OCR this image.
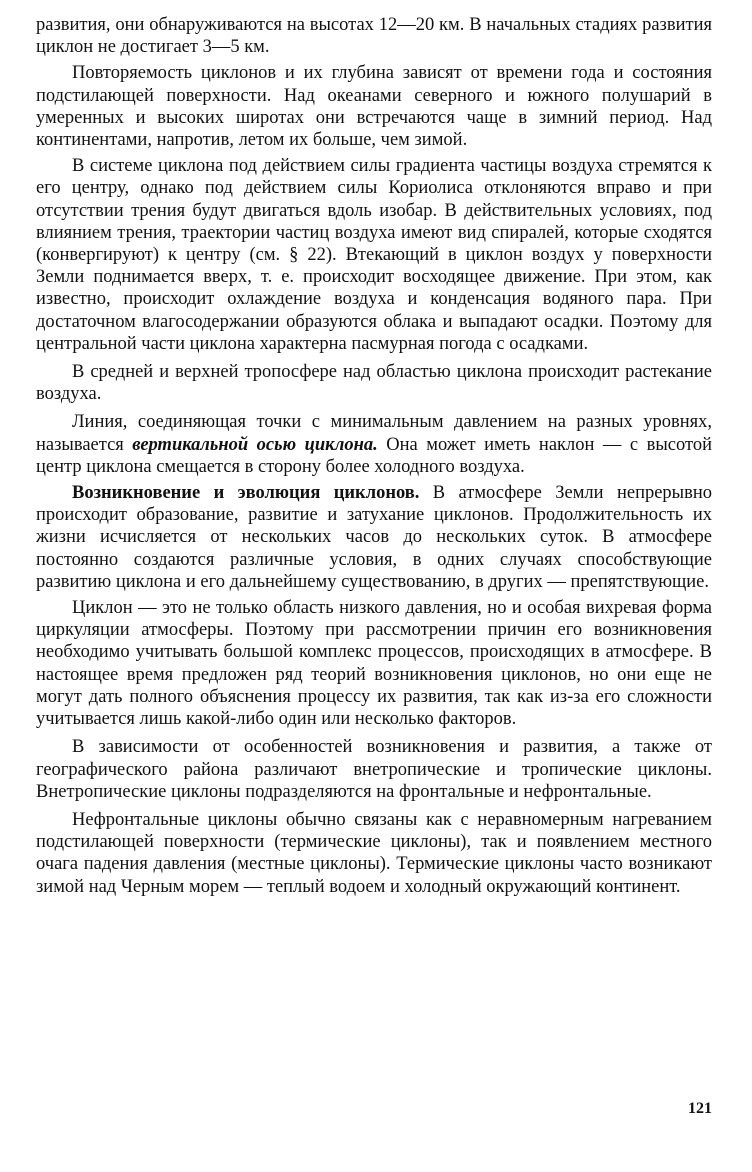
развития, они обнаруживаются на высотах 12—20 км. В начальных стадиях развития циклон не достигает 3—5 км.

Повторяемость циклонов и их глубина зависят от времени года и состояния подстилающей поверхности. Над океанами северного и южного полушарий в умеренных и высоких широтах они встречаются чаще в зимний период. Над континентами, напротив, летом их больше, чем зимой.

В системе циклона под действием силы градиента частицы воздуха стремятся к его центру, однако под действием силы Кориолиса отклоняются вправо и при отсутствии трения будут двигаться вдоль изобар. В действительных условиях, под влиянием трения, траектории частиц воздуха имеют вид спиралей, которые сходятся (конвергируют) к центру (см. § 22). Втекающий в циклон воздух у поверхности Земли поднимается вверх, т. е. происходит восходящее движение. При этом, как известно, происходит охлаждение воздуха и конденсация водяного пара. При достаточном влагосодержании образуются облака и выпадают осадки. Поэтому для центральной части циклона характерна пасмурная погода с осадками.

В средней и верхней тропосфере над областью циклона происходит растекание воздуха.

Линия, соединяющая точки с минимальным давлением на разных уровнях, называется вертикальной осью циклона. Она может иметь наклон — с высотой центр циклона смещается в сторону более холодного воздуха.

Возникновение и эволюция циклонов. В атмосфере Земли непрерывно происходит образование, развитие и затухание циклонов. Продолжительность их жизни исчисляется от нескольких часов до нескольких суток. В атмосфере постоянно создаются различные условия, в одних случаях способствующие развитию циклона и его дальнейшему существованию, в других — препятствующие.

Циклон — это не только область низкого давления, но и особая вихревая форма циркуляции атмосферы. Поэтому при рассмотрении причин его возникновения необходимо учитывать большой комплекс процессов, происходящих в атмосфере. В настоящее время предложен ряд теорий возникновения циклонов, но они еще не могут дать полного объяснения процессу их развития, так как из-за его сложности учитывается лишь какой-либо один или несколько факторов.

В зависимости от особенностей возникновения и развития, а также от географического района различают внетропические и тропические циклоны. Внетропические циклоны подразделяются на фронтальные и нефронтальные.

Нефронтальные циклоны обычно связаны как с неравномерным нагреванием подстилающей поверхности (термические циклоны), так и появлением местного очага падения давления (местные циклоны). Термические циклоны часто возникают зимой над Черным морем — теплый водоем и холодный окружающий континент.

121
